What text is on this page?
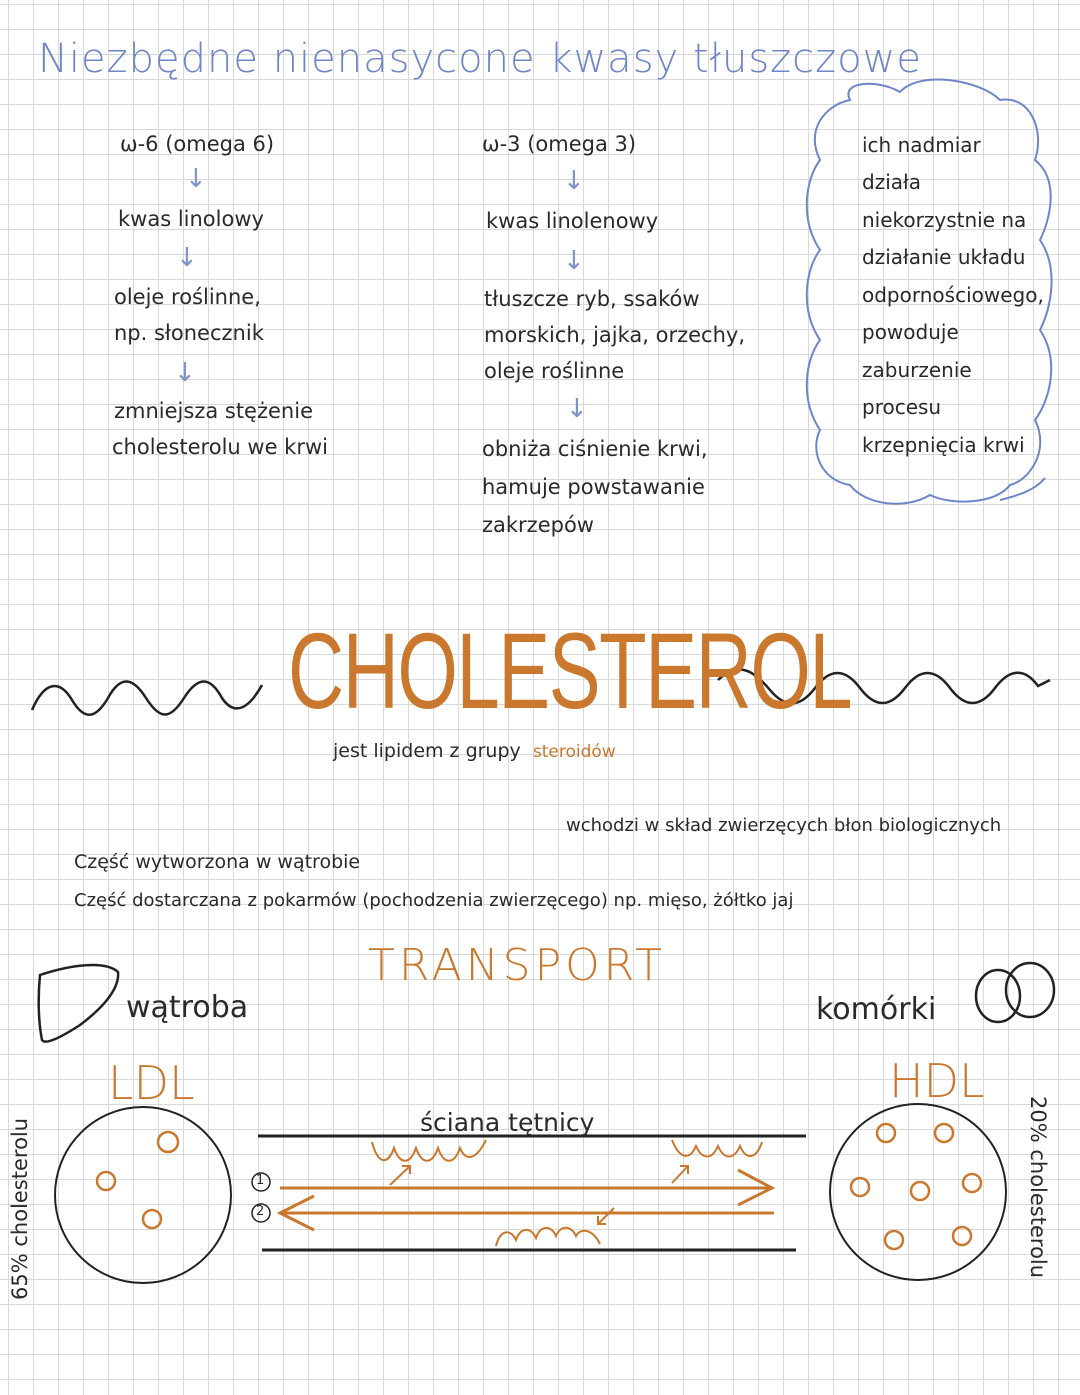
Niezbędne nienasycone kwasy tłuszczowe
ω-6 (omega 6)
↓
kwas linolowy
↓
oleje roślinne,
np. słonecznik
↓
zmniejsza stężenie
cholesterolu we krwi
ω-3 (omega 3)
↓
kwas linolenowy
↓
tłuszcze ryb, ssaków
morskich, jajka, orzechy,
oleje roślinne
↓
obniża ciśnienie krwi,
hamuje powstawanie
zakrzepów
ich nadmiar
działa
niekorzystnie na
działanie układu
odpornościowego,
powoduje
zaburzenie
procesu
krzepnięcia krwi
CHOLESTEROL
jest lipidem z grupy steroidów
wchodzi w skład zwierzęcych błon biologicznych
Część wytworzona w wątrobie
Część dostarczana z pokarmów (pochodzenia zwierzęcego) np. mięso, żółtko jaj
TRANSPORT
wątroba	komórki
LDL	HDL
ściana tętnicy
1
2
65% cholesterolu	20% cholesterolu
